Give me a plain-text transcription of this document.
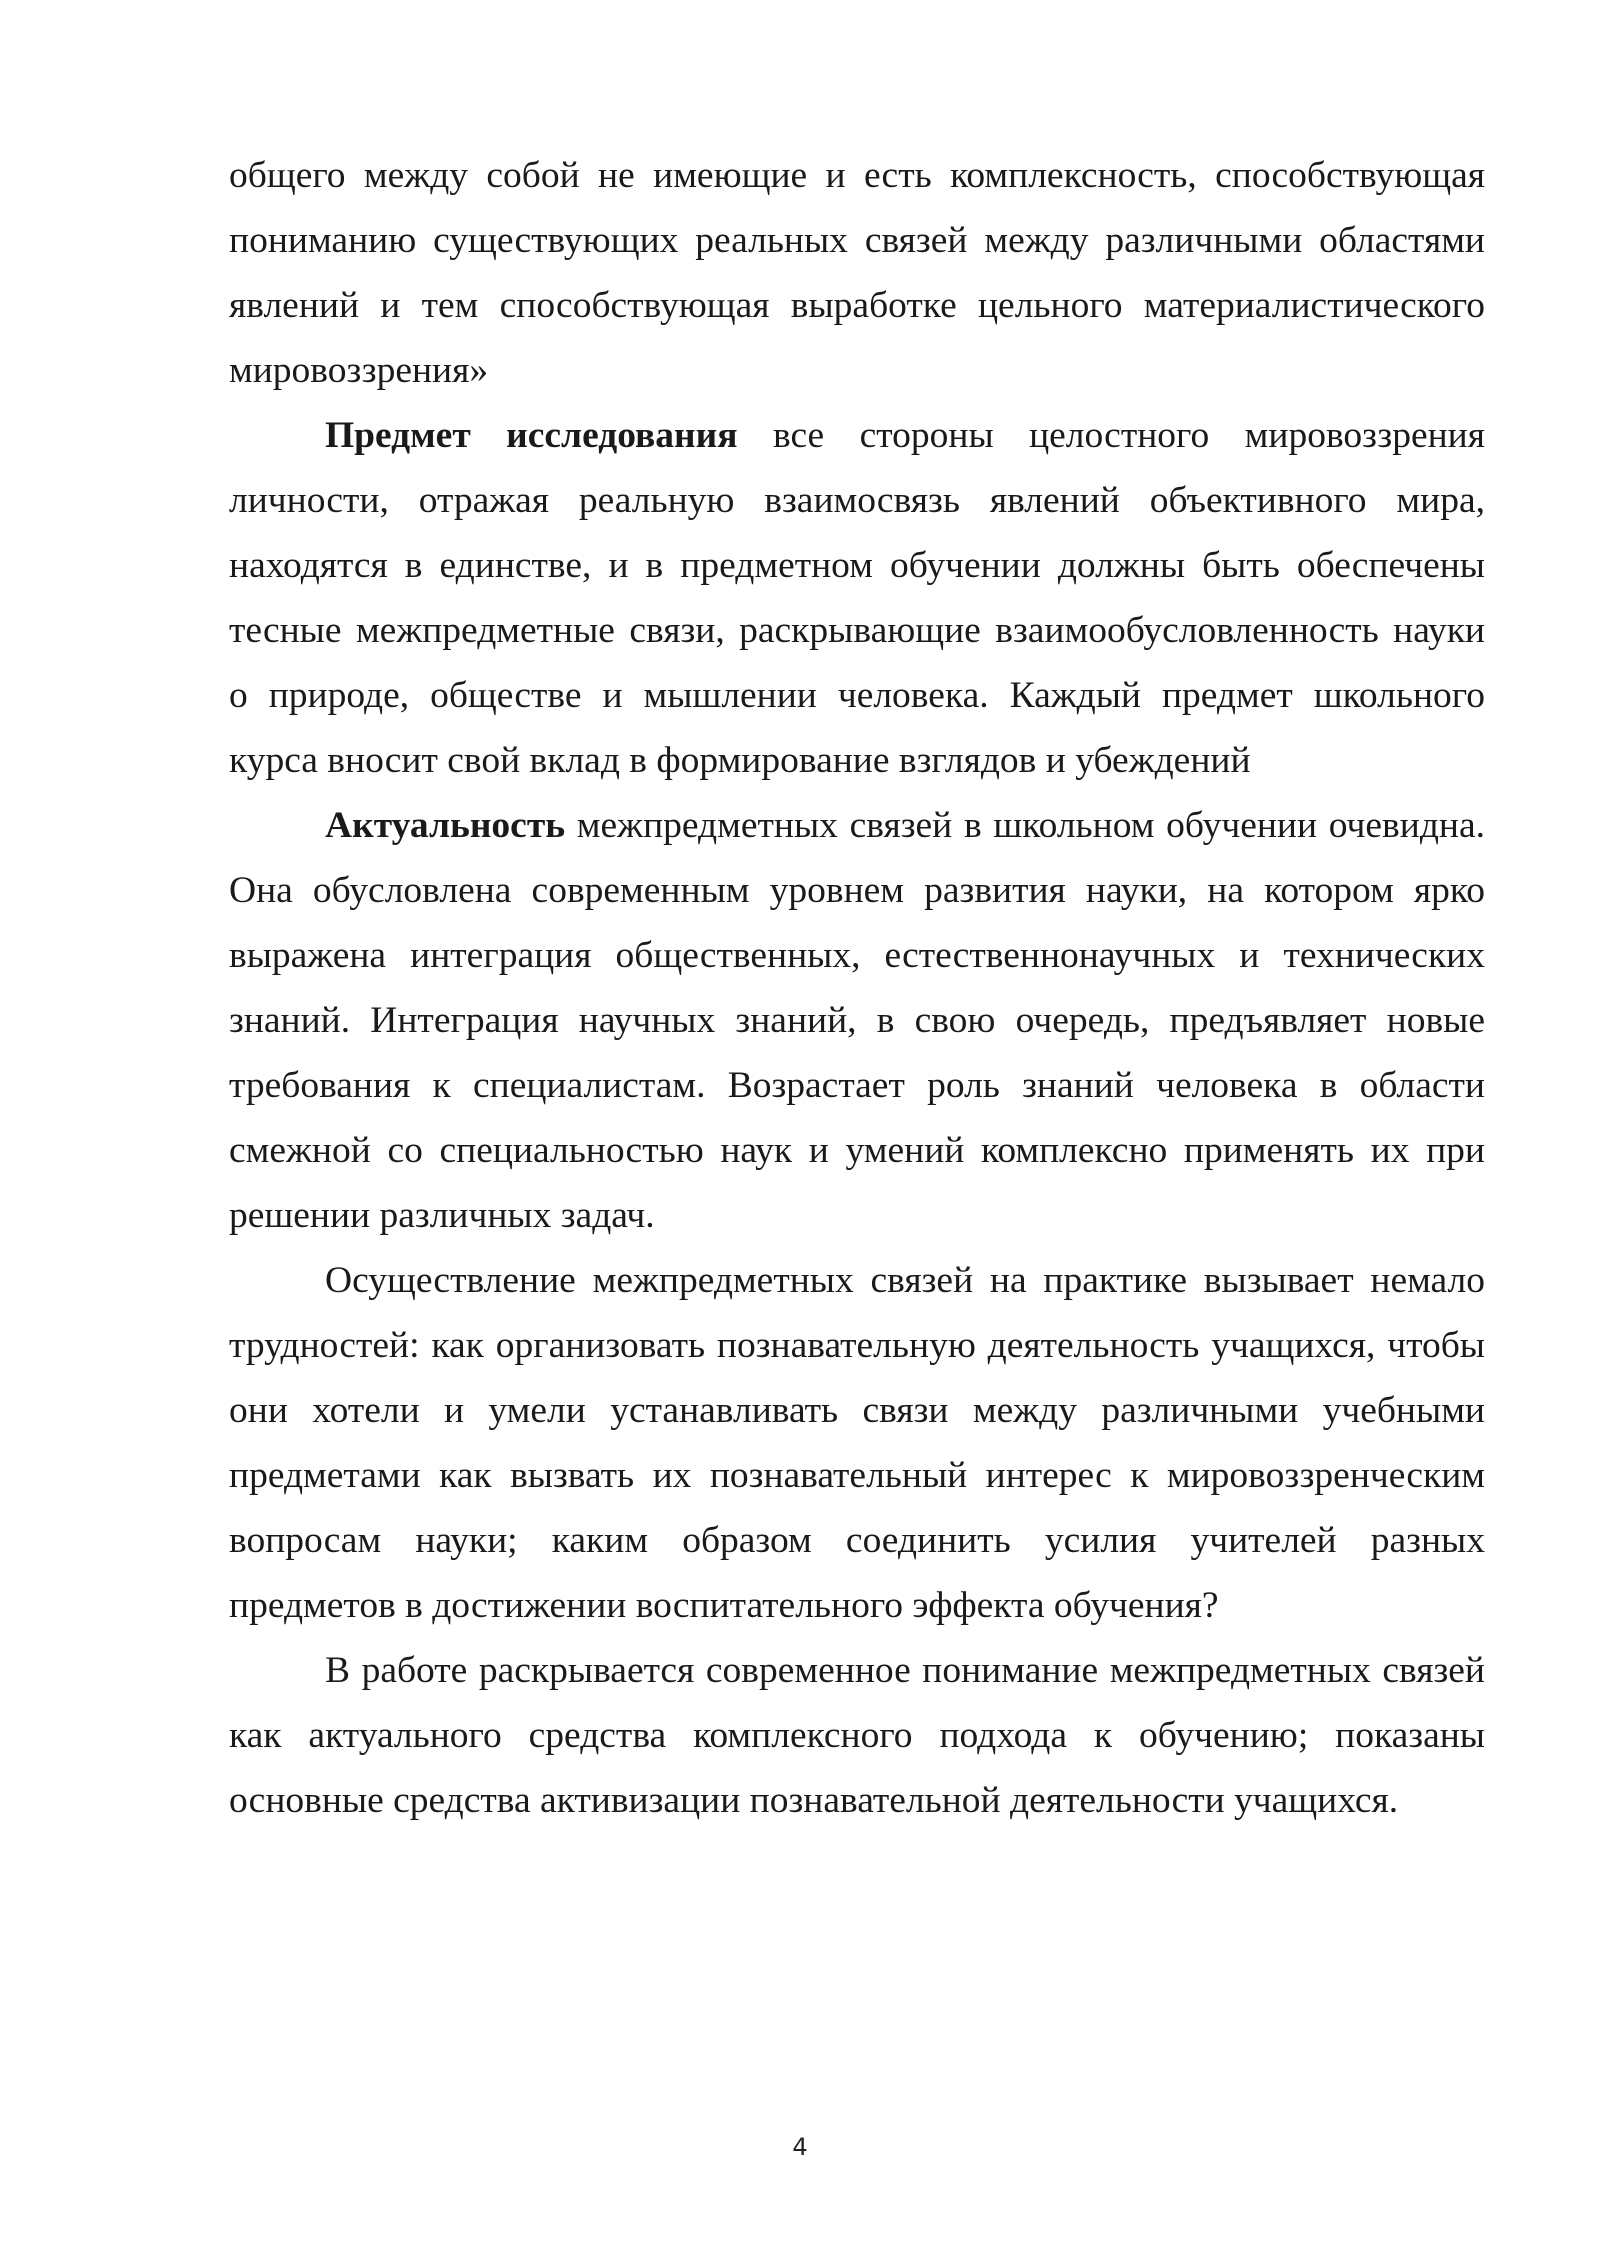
общего между собой не имеющие и есть комплексность, способствующая пониманию существующих реальных связей между различными областями явлений и тем способствующая выработке цельного материалистического мировоззрения»

Предмет исследования все стороны целостного мировоззрения личности, отражая реальную взаимосвязь явлений объективного мира, находятся в единстве, и в предметном обучении должны быть обеспечены тесные межпредметные связи, раскрывающие взаимообусловленность науки о природе, обществе и мышлении человека. Каждый предмет школьного курса вносит свой вклад в формирование взглядов и убеждений

Актуальность межпредметных связей в школьном обучении очевидна. Она обусловлена современным уровнем развития науки, на котором ярко выражена интеграция общественных, естественнонаучных и технических знаний. Интеграция научных знаний, в свою очередь, предъявляет новые требования к специалистам. Возрастает роль знаний человека в области смежной со специальностью наук и умений комплексно применять их при решении различных задач.

Осуществление межпредметных связей на практике вызывает немало трудностей: как организовать познавательную деятельность учащихся, чтобы они хотели и умели устанавливать связи между различными учебными предметами как вызвать их познавательный интерес к мировоззренческим вопросам науки; каким образом соединить усилия учителей разных предметов в достижении воспитательного эффекта обучения?

В работе раскрывается современное понимание межпредметных связей как актуального средства комплексного подхода к обучению; показаны основные средства активизации познавательной деятельности учащихся.

4
